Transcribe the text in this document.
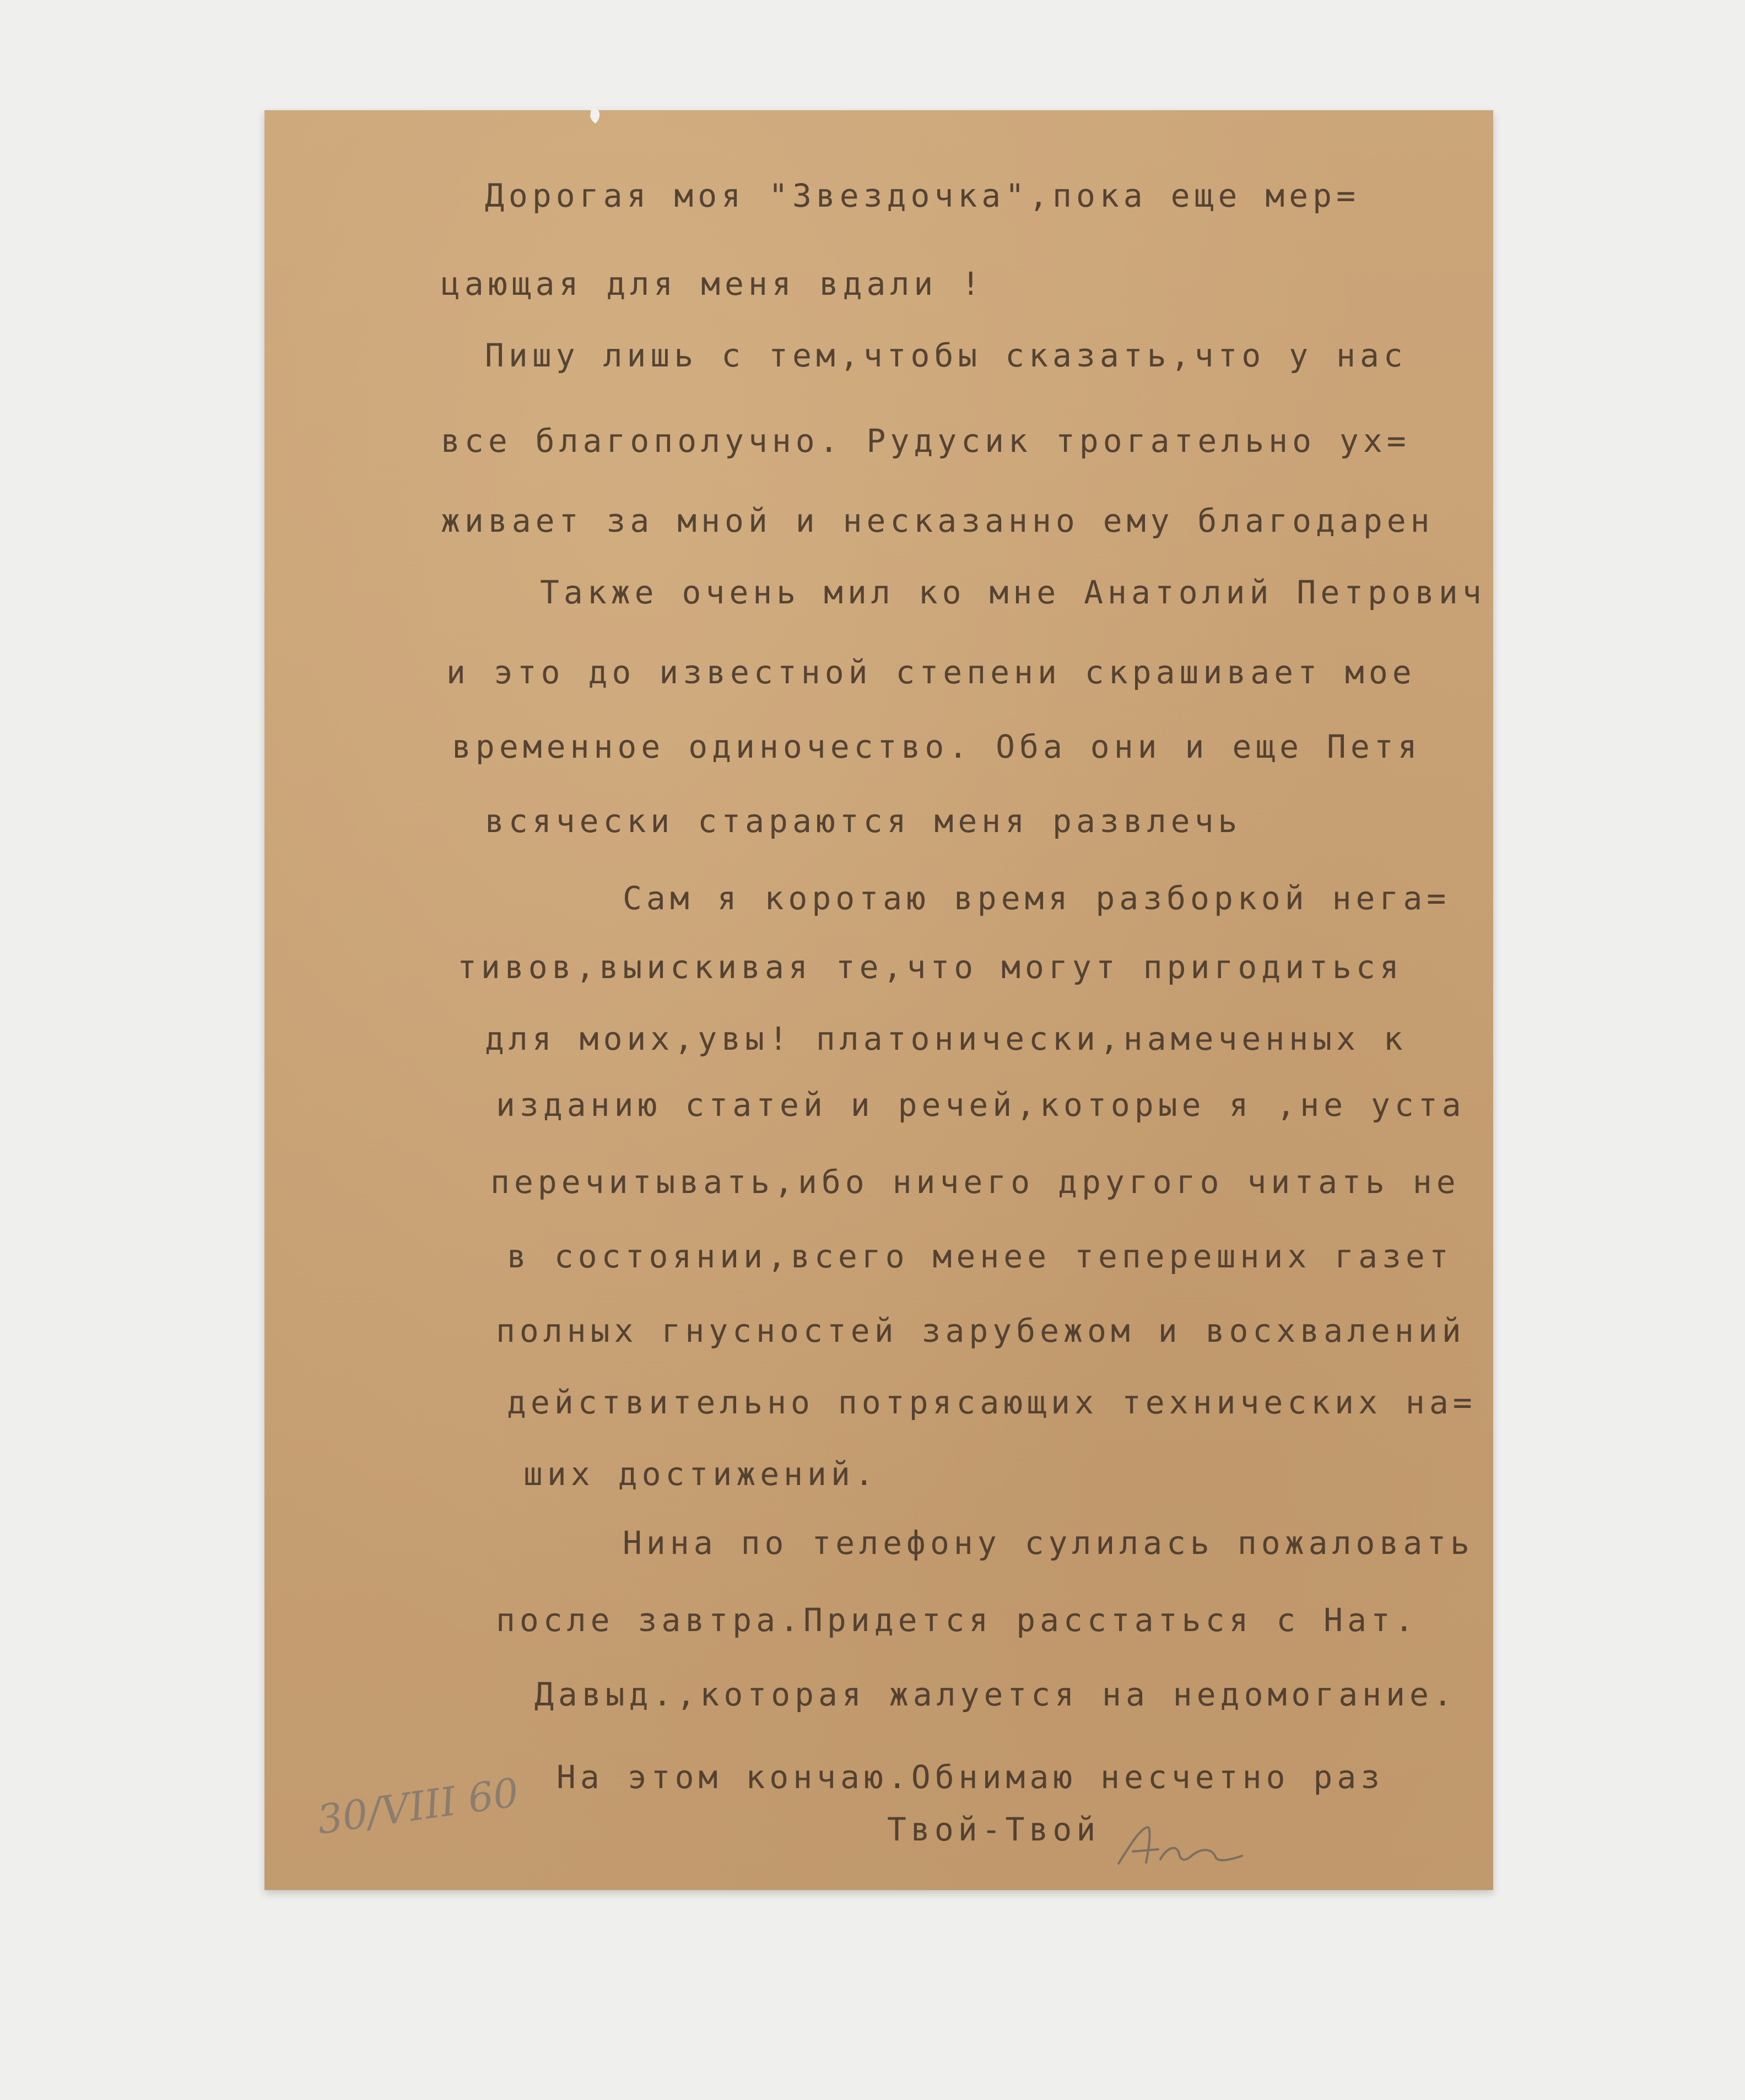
Дорогая моя "Звездочка",пока еще мер=

цающая для меня вдали !

Пишу лишь с тем,чтобы сказать,что у нас

все благополучно. Рудусик трогательно ух=

живает за мной и несказанно ему благодарен

Также очень мил ко мне Анатолий Петрович

и это до известной степени скрашивает мое

временное одиночество. Оба они и еще Петя

всячески стараются меня развлечь

Сам я коротаю время разборкой нега=

тивов,выискивая те,что могут пригодиться

для моих,увы! платонически,намеченных к

изданию статей и речей,которые я ,не уста

перечитывать,ибо ничего другого читать не

в состоянии,всего менее теперешних газет

полных гнусностей зарубежом и восхвалений

действительно потрясающих технических на=

ших достижений.

Нина по телефону сулилась пожаловать

после завтра.Придется расстаться с Нат.

Давыд.,которая жалуется на недомогание.

На этом кончаю.Обнимаю несчетно раз

Твой-Твой

30/VIII 60
